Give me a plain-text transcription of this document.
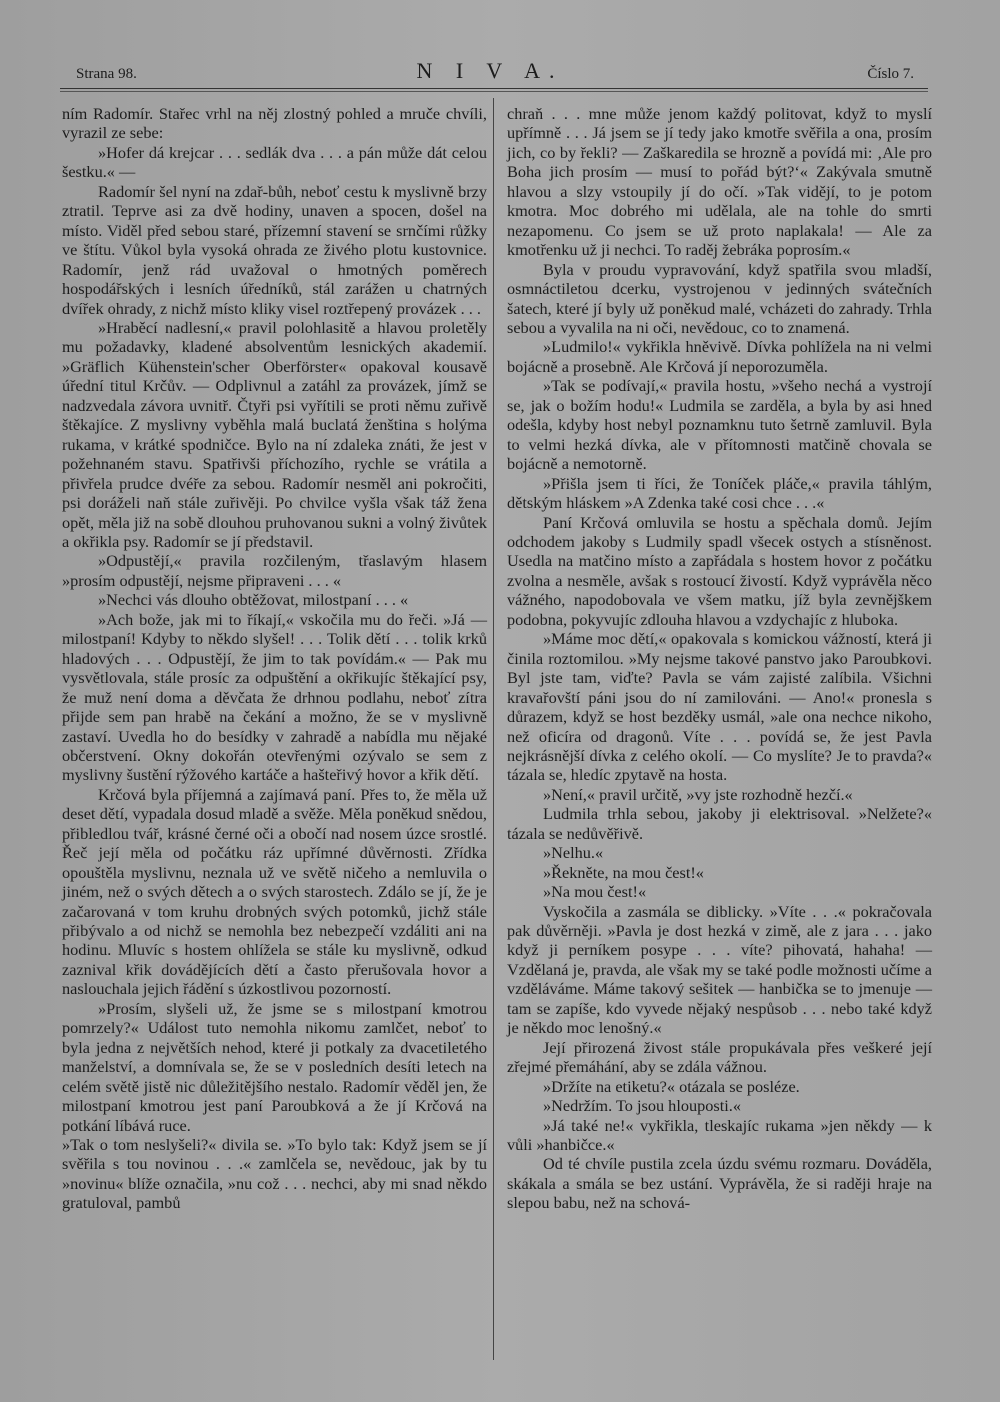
Strana 98.	N I V A.	Číslo 7.

ním Radomír. Stařec vrhl na něj zlostný pohled a mruče chvíli, vyrazil ze sebe:

»Hofer dá krejcar . . . sedlák dva . . . a pán může dát celou šestku.« —

Radomír šel nyní na zdař-bůh, neboť cestu k myslivně brzy ztratil. Teprve asi za dvě hodiny, unaven a spocen, došel na místo. Viděl před sebou staré, přízemní stavení se srnčími růžky ve štítu. Vůkol byla vysoká ohrada ze živého plotu kustovnice. Radomír, jenž rád uvažoval o hmotných poměrech hospodářských i lesních úředníků, stál zarážen u chatrných dvířek ohrady, z nichž místo kliky visel roztřepený provázek . . .

»Hraběcí nadlesní,« pravil polohlasitě a hlavou proletěly mu požadavky, kladené absolventům lesnických akademií. »Gräflich Kühenstein'scher Oberförster« opakoval kousavě úřední titul Krčův. — Odplivnul a zatáhl za provázek, jímž se nadzvedala závora uvnitř. Čtyři psi vyřítili se proti němu zuřivě štěkajíce. Z myslivny vyběhla malá buclatá ženština s holýma rukama, v krátké spodničce. Bylo na ní zdaleka znáti, že jest v požehnaném stavu. Spatřivši příchozího, rychle se vrátila a přivřela prudce dvéře za sebou. Radomír nesměl ani pokročiti, psi doráželi naň stále zuřivěji. Po chvilce vyšla však táž žena opět, měla již na sobě dlouhou pruhovanou sukni a volný živůtek a okřikla psy. Radomír se jí představil.

»Odpustějí,« pravila rozčileným, třaslavým hlasem »prosím odpustějí, nejsme připraveni . . . «

»Nechci vás dlouho obtěžovat, milostpaní . . . «

»Ach bože, jak mi to říkají,« vskočila mu do řeči. »Já — milostpaní! Kdyby to někdo slyšel! . . . Tolik dětí . . . tolik krků hladových . . . Odpustějí, že jim to tak povídám.« — Pak mu vysvětlovala, stále prosíc za odpuštění a okřikujíc štěkající psy, že muž není doma a děvčata že drhnou podlahu, neboť zítra přijde sem pan hrabě na čekání a možno, že se v myslivně zastaví. Uvedla ho do besídky v zahradě a nabídla mu nějaké občerstvení. Okny dokořán otevřenými ozývalo se sem z myslivny šustění rýžového kartáče a hašteřivý hovor a křik dětí.

Krčová byla příjemná a zajímavá paní. Přes to, že měla už deset dětí, vypadala dosud mladě a svěže. Měla poněkud snědou, přibledlou tvář, krásné černé oči a obočí nad nosem úzce srostlé. Řeč její měla od počátku ráz upřímné důvěrnosti. Zřídka opouštěla myslivnu, neznala už ve světě ničeho a nemluvila o jiném, než o svých dětech a o svých starostech. Zdálo se jí, že je začarovaná v tom kruhu drobných svých potomků, jichž stále přibývalo a od nichž se nemohla bez nebezpečí vzdáliti ani na hodinu. Mluvíc s hostem ohlížela se stále ku myslivně, odkud zaznival křik dovádějících dětí a často přerušovala hovor a naslouchala jejich řádění s úzkostlivou pozorností.

»Prosím, slyšeli už, že jsme se s milostpaní kmotrou pomrzely?« Událost tuto nemohla nikomu zamlčet, neboť to byla jedna z největších nehod, které ji potkaly za dvacetiletého manželství, a domnívala se, že se v posledních desíti letech na celém světě jistě nic důležitějšího nestalo. Radomír věděl jen, že milostpaní kmotrou jest paní Paroubková a že jí Krčová na potkání líbává ruce.

»Tak o tom neslyšeli?« divila se. »To bylo tak: Když jsem se jí svěřila s tou novinou . . .« zamlčela se, nevědouc, jak by tu »novinu« blíže označila, »nu což . . . nechci, aby mi snad někdo gratuloval, pambů

chraň . . . mne může jenom každý politovat, když to myslí upřímně . . . Já jsem se jí tedy jako kmotře svěřila a ona, prosím jich, co by řekli? — Zaškaredila se hrozně a povídá mi: ‚Ale pro Boha jich prosím — musí to pořád být?‘« Zakývala smutně hlavou a slzy vstoupily jí do očí. »Tak vidějí, to je potom kmotra. Moc dobrého mi udělala, ale na tohle do smrti nezapomenu. Co jsem se už proto naplakala! — Ale za kmotřenku už ji nechci. To raděj žebráka poprosím.«

Byla v proudu vypravování, když spatřila svou mladší, osmnáctiletou dcerku, vystrojenou v jedinných svátečních šatech, které jí byly už poněkud malé, vcházeti do zahrady. Trhla sebou a vyvalila na ni oči, nevědouc, co to znamená.

»Ludmilo!« vykřikla hněvivě. Dívka pohlížela na ni velmi bojácně a prosebně. Ale Krčová jí neporozuměla.

»Tak se podívají,« pravila hostu, »všeho nechá a vystrojí se, jak o božím hodu!« Ludmila se zarděla, a byla by asi hned odešla, kdyby host nebyl poznamknu tuto šetrně zamluvil. Byla to velmi hezká dívka, ale v přítomnosti matčině chovala se bojácně a nemotorně.

»Přišla jsem ti říci, že Toníček pláče,« pravila táhlým, dětským hláskem »A Zdenka také cosi chce . . .«

Paní Krčová omluvila se hostu a spěchala domů. Jejím odchodem jakoby s Ludmily spadl všecek ostych a stísněnost. Usedla na matčino místo a zapřádala s hostem hovor z počátku zvolna a nesměle, avšak s rostoucí živostí. Když vyprávěla něco vážného, napodobovala ve všem matku, jíž byla zevnějškem podobna, pokyvujíc zdlouha hlavou a vzdychajíc z hluboka.

»Máme moc dětí,« opakovala s komickou vážností, která ji činila roztomilou. »My nejsme takové panstvo jako Paroubkovi. Byl jste tam, viďte? Pavla se vám zajisté zalíbila. Všichni kravařovští páni jsou do ní zamilováni. — Ano!« pronesla s důrazem, když se host bezděky usmál, »ale ona nechce nikoho, než oficíra od dragonů. Víte . . . povídá se, že jest Pavla nejkrásnější dívka z celého okolí. — Co myslíte? Je to pravda?« tázala se, hledíc zpytavě na hosta.

»Není,« pravil určitě, »vy jste rozhodně hezčí.«

Ludmila trhla sebou, jakoby ji elektrisoval. »Nelžete?« tázala se nedůvěřivě.

»Nelhu.«

»Řekněte, na mou čest!«

»Na mou čest!«

Vyskočila a zasmála se diblicky. »Víte . . .« pokračovala pak důvěrněji. »Pavla je dost hezká v zimě, ale z jara . . . jako když ji perníkem posype . . . víte? pihovatá, hahaha! — Vzdělaná je, pravda, ale však my se také podle možnosti učíme a vzděláváme. Máme takový sešitek — hanbička se to jmenuje — tam se zapíše, kdo vyvede nějaký nespůsob . . . nebo také když je někdo moc lenošný.«

Její přirozená živost stále propukávala přes veškeré její zřejmé přemáhání, aby se zdála vážnou.

»Držíte na etiketu?« otázala se posléze.

»Nedržím. To jsou hlouposti.«

»Já také ne!« vykřikla, tleskajíc rukama »jen někdy — k vůli »hanbičce.«

Od té chvíle pustila zcela úzdu svému rozmaru. Dováděla, skákala a smála se bez ustání. Vyprávěla, že si raději hraje na slepou babu, než na schová-
